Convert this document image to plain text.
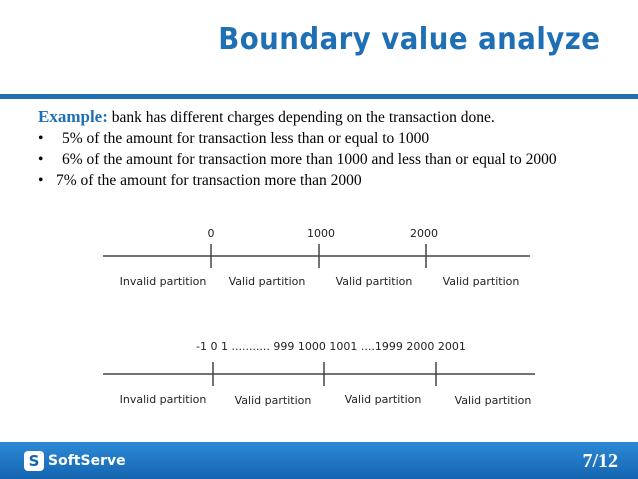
Boundary value analyze
Example: bank has different charges depending on the transaction done.
• 5% of the amount for transaction less than or equal to 1000
• 6% of the amount for transaction more than 1000 and less than or equal to 2000
• 7% of the amount for transaction more than 2000
0	1000	2000
Invalid partition Valid partition	Valid partition	Valid partition
-1 0 1 ........... 999 1000 1001 ....1999 2000 2001
Invalid partition	Valid partition	Valid partition	Valid partition
S SoftServe	7/12
